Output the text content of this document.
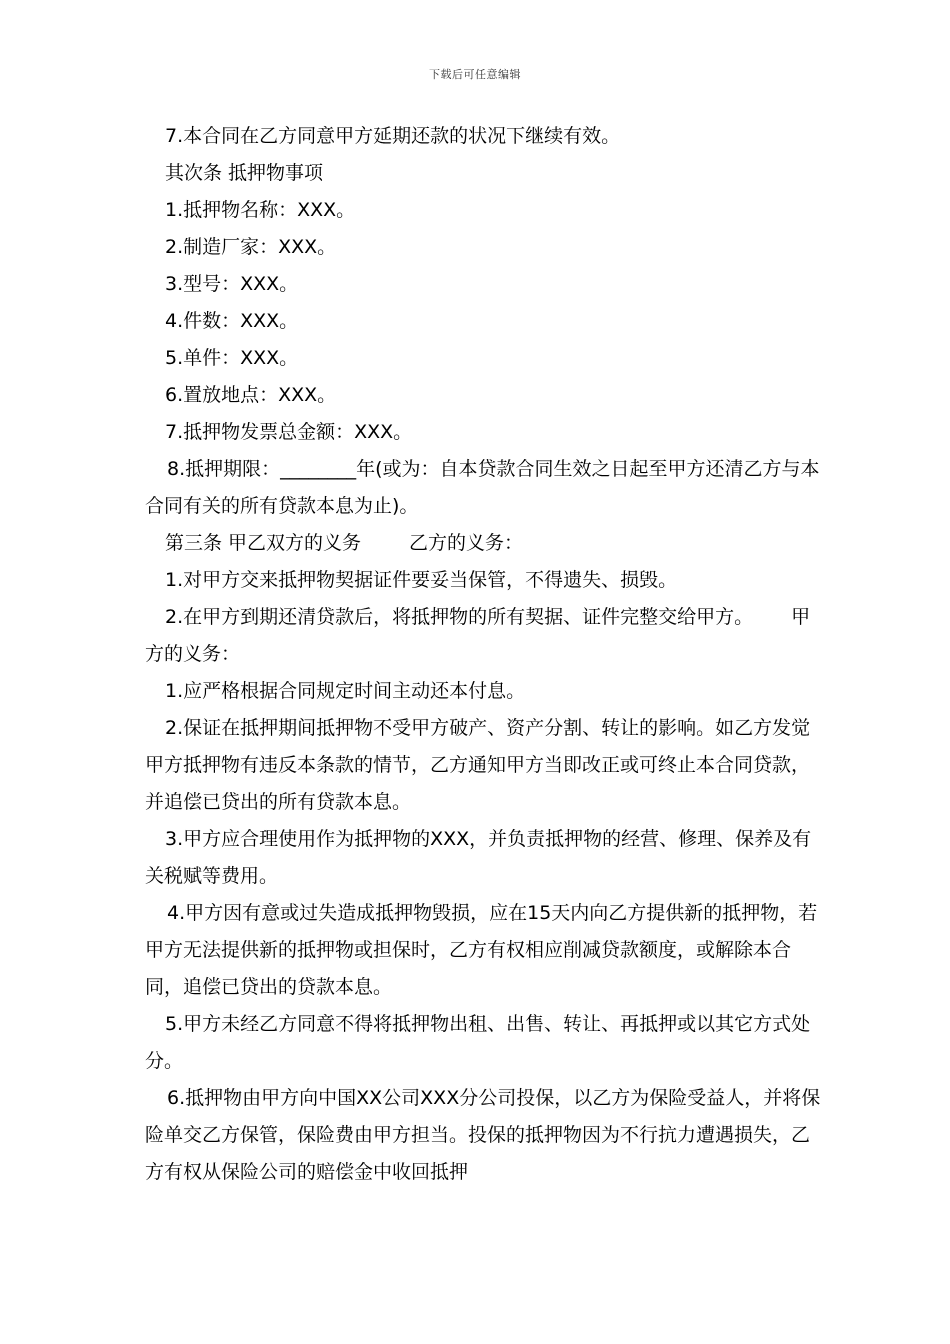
下载后可任意编辑

7.本合同在乙方同意甲方延期还款的状况下继续有效。

其次条 抵押物事项

1.抵押物名称：XXX。

2.制造厂家：XXX。

3.型号：XXX。

4.件数：XXX。

5.单件：XXX。

6.置放地点：XXX。

7.抵押物发票总金额：XXX。

8.抵押期限：________年(或为：自本贷款合同生效之日起至甲方还清乙方与本合同有关的所有贷款本息为止)。

第三条 甲乙双方的义务	乙方的义务：

1.对甲方交来抵押物契据证件要妥当保管，不得遗失、损毁。

2.在甲方到期还清贷款后，将抵押物的所有契据、证件完整交给甲方。 甲方的义务：

1.应严格根据合同规定时间主动还本付息。

2.保证在抵押期间抵押物不受甲方破产、资产分割、转让的影响。如乙方发觉甲方抵押物有违反本条款的情节，乙方通知甲方当即改正或可终止本合同贷款，并追偿已贷出的所有贷款本息。

3.甲方应合理使用作为抵押物的XXX，并负责抵押物的经营、修理、保养及有关税赋等费用。

4.甲方因有意或过失造成抵押物毁损，应在15天内向乙方提供新的抵押物，若甲方无法提供新的抵押物或担保时，乙方有权相应削减贷款额度，或解除本合同，追偿已贷出的贷款本息。

5.甲方未经乙方同意不得将抵押物出租、出售、转让、再抵押或以其它方式处分。

6.抵押物由甲方向中国XX公司XXX分公司投保，以乙方为保险受益人，并将保险单交乙方保管，保险费由甲方担当。投保的抵押物因为不行抗力遭遇损失，乙方有权从保险公司的赔偿金中收回抵押
